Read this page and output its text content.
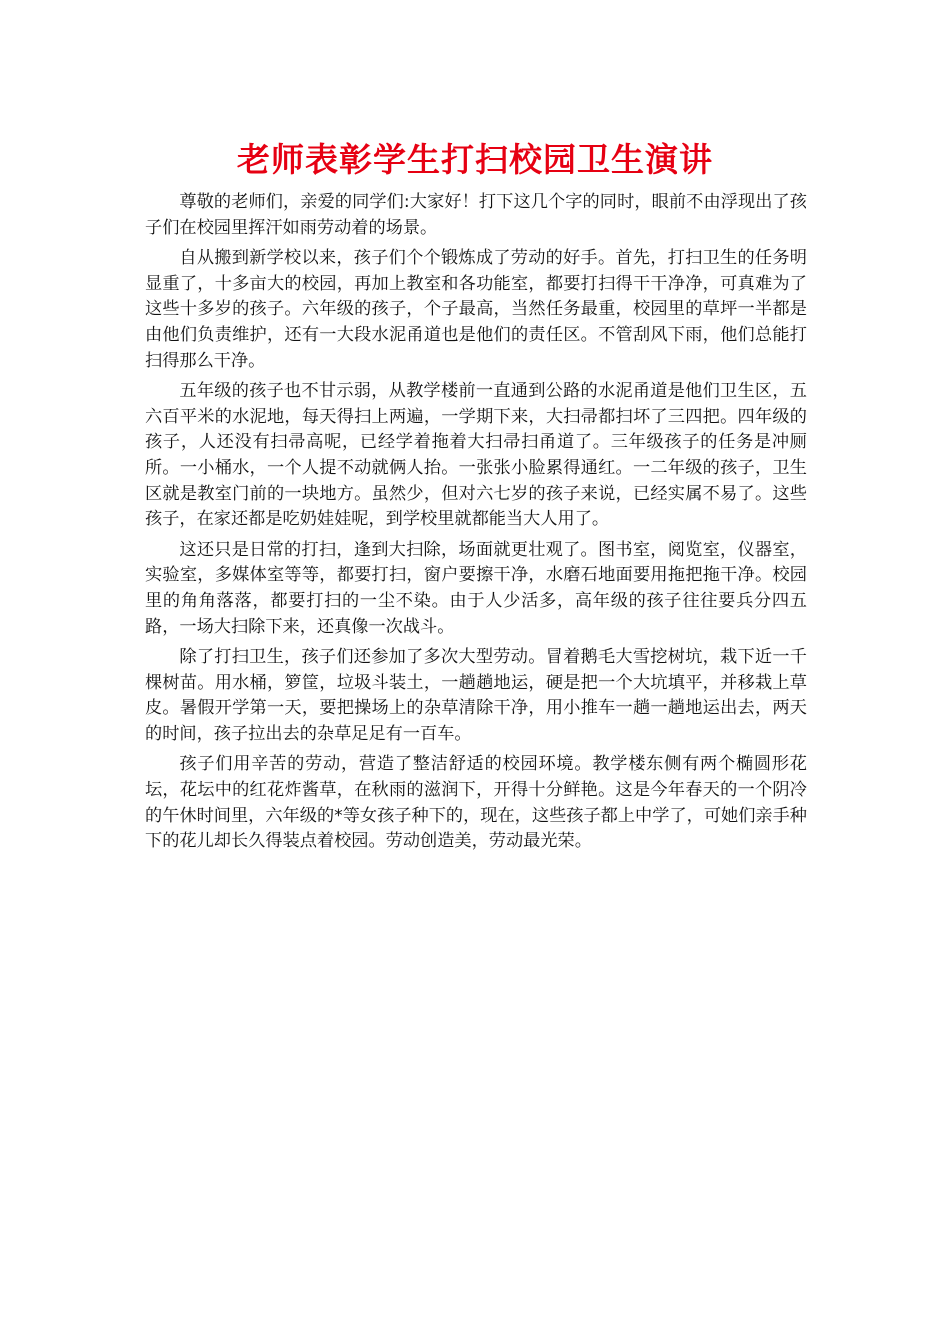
老师表彰学生打扫校园卫生演讲

尊敬的老师们，亲爱的同学们:大家好！打下这几个字的同时，眼前不由浮现出了孩子们在校园里挥汗如雨劳动着的场景。

自从搬到新学校以来，孩子们个个锻炼成了劳动的好手。首先，打扫卫生的任务明显重了，十多亩大的校园，再加上教室和各功能室，都要打扫得干干净净，可真难为了这些十多岁的孩子。六年级的孩子，个子最高，当然任务最重，校园里的草坪一半都是由他们负责维护，还有一大段水泥甬道也是他们的责任区。不管刮风下雨，他们总能打扫得那么干净。

五年级的孩子也不甘示弱，从教学楼前一直通到公路的水泥甬道是他们卫生区，五六百平米的水泥地，每天得扫上两遍，一学期下来，大扫帚都扫坏了三四把。四年级的孩子，人还没有扫帚高呢，已经学着拖着大扫帚扫甬道了。三年级孩子的任务是冲厕所。一小桶水，一个人提不动就俩人抬。一张张小脸累得通红。一二年级的孩子，卫生区就是教室门前的一块地方。虽然少，但对六七岁的孩子来说，已经实属不易了。这些孩子，在家还都是吃奶娃娃呢，到学校里就都能当大人用了。

这还只是日常的打扫，逢到大扫除，场面就更壮观了。图书室，阅览室，仪器室，实验室，多媒体室等等，都要打扫，窗户要擦干净，水磨石地面要用拖把拖干净。校园里的角角落落，都要打扫的一尘不染。由于人少活多，高年级的孩子往往要兵分四五路，一场大扫除下来，还真像一次战斗。

除了打扫卫生，孩子们还参加了多次大型劳动。冒着鹅毛大雪挖树坑，栽下近一千棵树苗。用水桶，箩筐，垃圾斗装土，一趟趟地运，硬是把一个大坑填平，并移栽上草皮。暑假开学第一天，要把操场上的杂草清除干净，用小推车一趟一趟地运出去，两天的时间，孩子拉出去的杂草足足有一百车。

孩子们用辛苦的劳动，营造了整洁舒适的校园环境。教学楼东侧有两个椭圆形花坛，花坛中的红花炸酱草，在秋雨的滋润下，开得十分鲜艳。这是今年春天的一个阴冷的午休时间里，六年级的*等女孩子种下的，现在，这些孩子都上中学了，可她们亲手种下的花儿却长久得装点着校园。劳动创造美，劳动最光荣。
